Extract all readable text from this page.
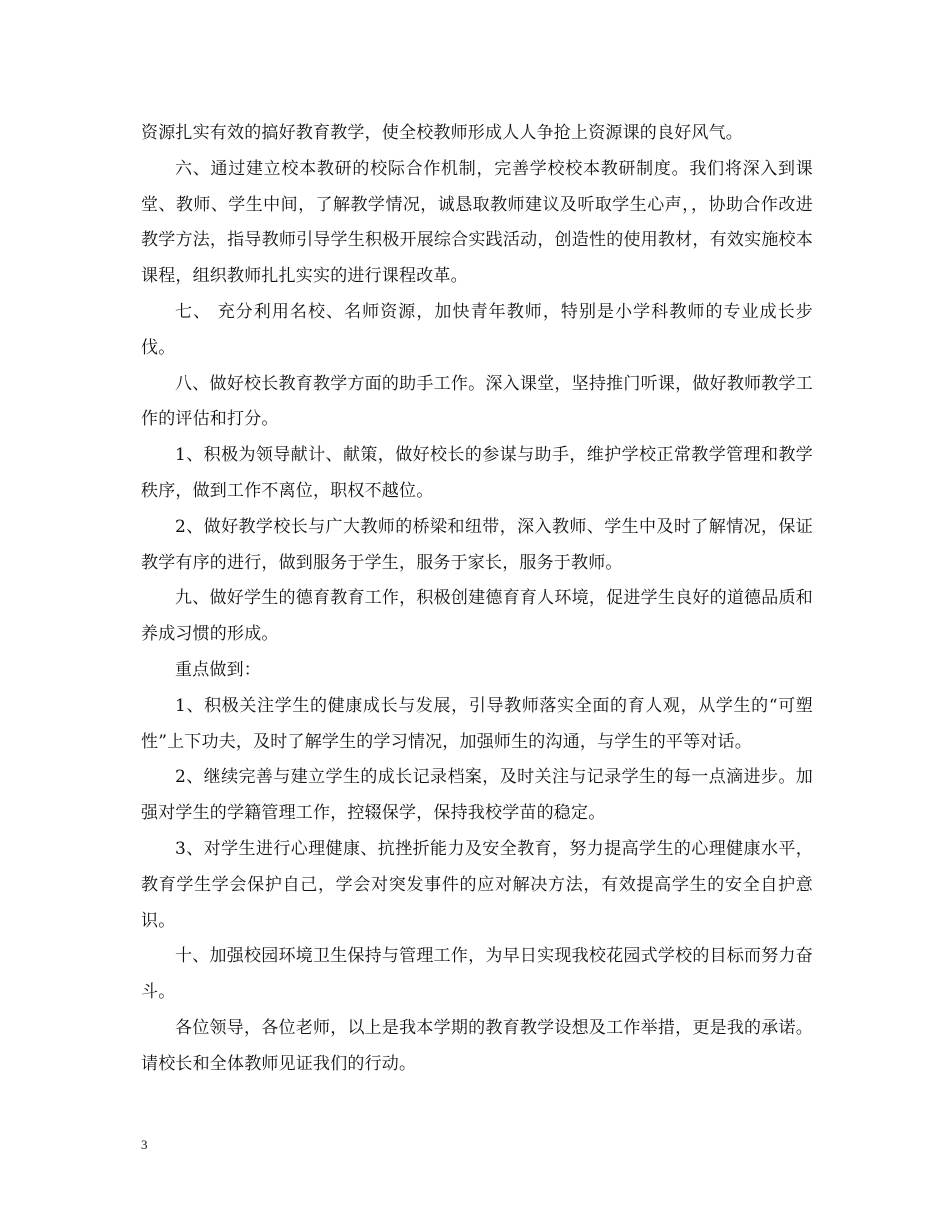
资源扎实有效的搞好教育教学，使全校教师形成人人争抢上资源课的良好风气。

六、通过建立校本教研的校际合作机制，完善学校校本教研制度。我们将深入到课堂、教师、学生中间，了解教学情况，诚恳取教师建议及听取学生心声，，协助合作改进教学方法，指导教师引导学生积极开展综合实践活动，创造性的使用教材，有效实施校本课程，组织教师扎扎实实的进行课程改革。

七、 充分利用名校、名师资源，加快青年教师，特别是小学科教师的专业成长步伐。

八、做好校长教育教学方面的助手工作。深入课堂，坚持推门听课，做好教师教学工作的评估和打分。

1、积极为领导献计、献策，做好校长的参谋与助手，维护学校正常教学管理和教学秩序，做到工作不离位，职权不越位。

2、做好教学校长与广大教师的桥梁和纽带，深入教师、学生中及时了解情况，保证教学有序的进行，做到服务于学生，服务于家长，服务于教师。

九、做好学生的德育教育工作，积极创建德育育人环境，促进学生良好的道德品质和养成习惯的形成。

重点做到：

1、积极关注学生的健康成长与发展，引导教师落实全面的育人观，从学生的“可塑性”上下功夫，及时了解学生的学习情况，加强师生的沟通，与学生的平等对话。

2、继续完善与建立学生的成长记录档案，及时关注与记录学生的每一点滴进步。加强对学生的学籍管理工作，控辍保学，保持我校学苗的稳定。

3、对学生进行心理健康、抗挫折能力及安全教育，努力提高学生的心理健康水平，教育学生学会保护自己，学会对突发事件的应对解决方法，有效提高学生的安全自护意识。

十、加强校园环境卫生保持与管理工作，为早日实现我校花园式学校的目标而努力奋斗。

各位领导，各位老师，以上是我本学期的教育教学设想及工作举措，更是我的承诺。请校长和全体教师见证我们的行动。

3
